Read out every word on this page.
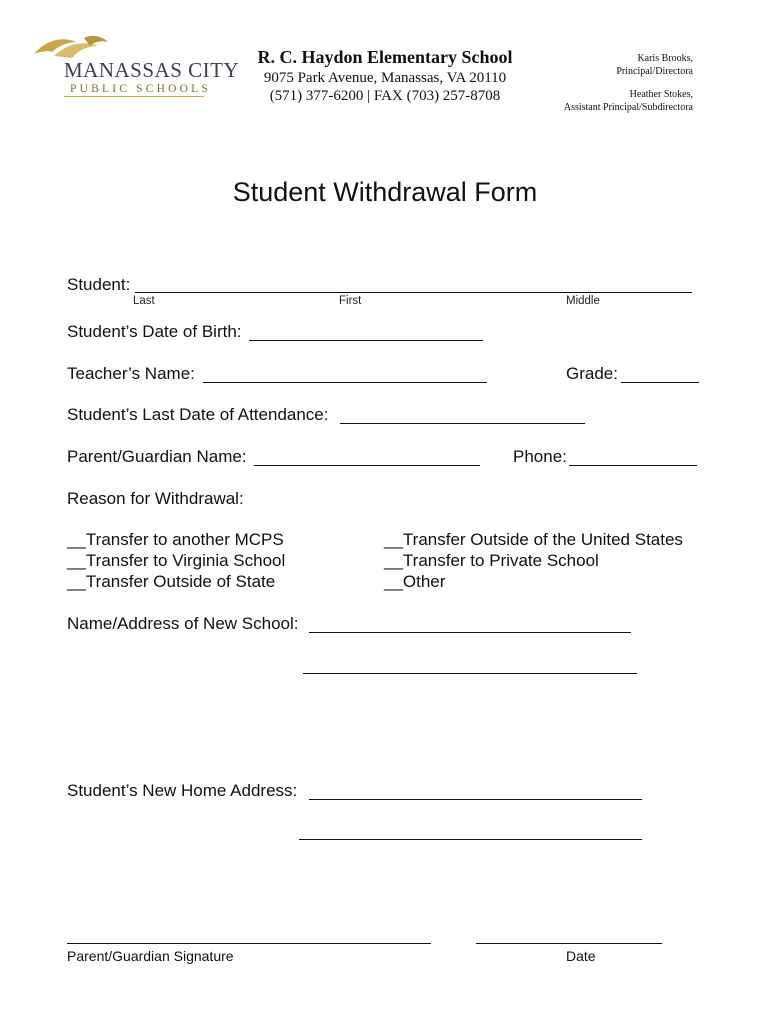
MANASSAS CITY
PUBLIC SCHOOLS
R. C. Haydon Elementary School
9075 Park Avenue, Manassas, VA 20110
(571) 377-6200 | FAX (703) 257-8708
Karis Brooks,
Principal/Directora
Heather Stokes,
Assistant Principal/Subdirectora
Student Withdrawal Form
Student:
Last	First	Middle
Student’s Date of Birth:
Teacher’s Name:	Grade:
Student’s Last Date of Attendance:
Parent/Guardian Name:	Phone:
Reason for Withdrawal:
__Transfer to another MCPS
__Transfer to Virginia School
__Transfer Outside of State
__Transfer Outside of the United States
__Transfer to Private School
__Other
Name/Address of New School:
Student’s New Home Address:
Parent/Guardian Signature	Date
